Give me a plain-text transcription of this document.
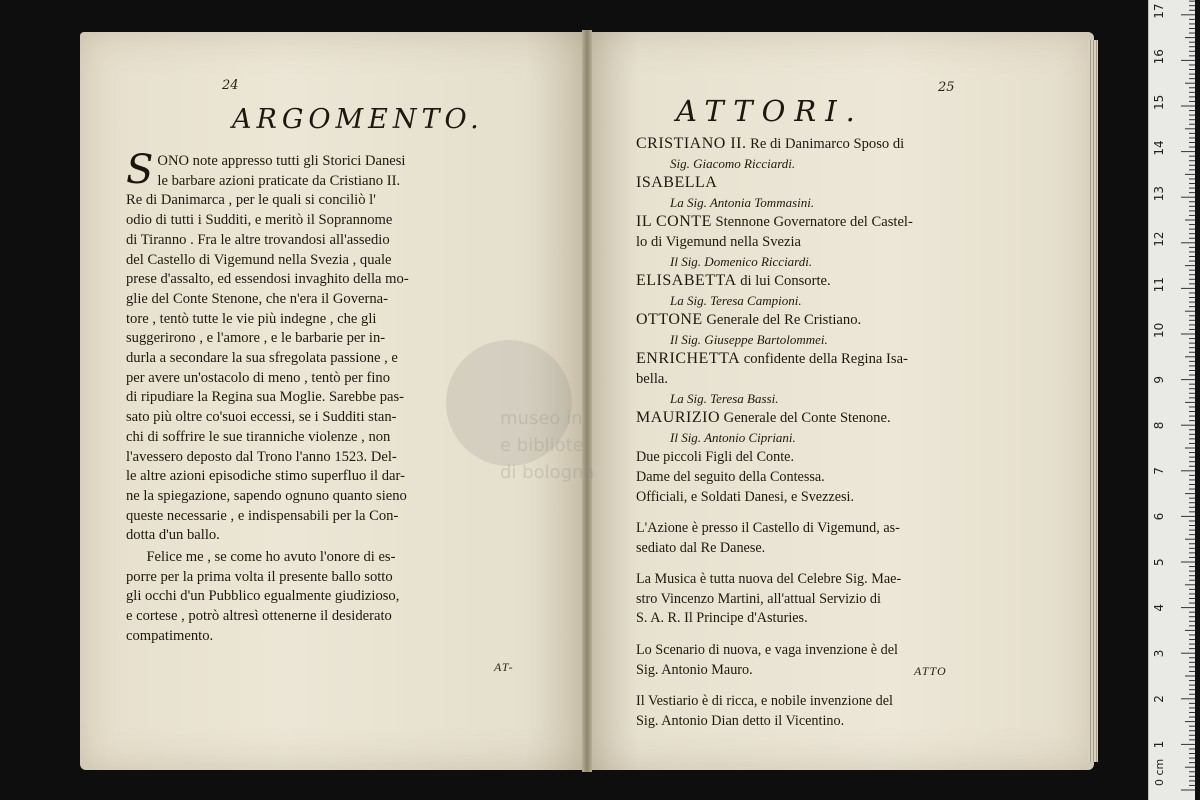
24
ARGOMENTO.

S ONO note appresso tutti gli Storici Danesi
le barbare azioni praticate da Cristiano II.
Re di Danimarca , per le quali si conciliò l'
odio di tutti i Sudditi, e meritò il Soprannome
di Tiranno . Fra le altre trovandosi all'assedio
del Castello di Vigemund nella Svezia , quale
prese d'assalto, ed essendosi invaghito della mo-
glie del Conte Stenone, che n'era il Governa-
tore , tentò tutte le vie più indegne , che gli
suggerirono , e l'amore , e le barbarie per in-
durla a secondare la sua sfregolata passione , e
per avere un'ostacolo di meno , tentò per fino
di ripudiare la Regina sua Moglie. Sarebbe pas-
sato più oltre co'suoi eccessi, se i Sudditi stan-
chi di soffrire le sue tiranniche violenze , non
l'avessero deposto dal Trono l'anno 1523. Del-
le altre azioni episodiche stimo superfluo il dar-
ne la spiegazione, sapendo ognuno quanto sieno
queste necessarie , e indispensabili per la Con-
dotta d'un ballo.

Felice me , se come ho avuto l'onore di es-
porre per la prima volta il presente ballo sotto
gli occhi d'un Pubblico egualmente giudizioso,
e cortese , potrò altresì ottenerne il desiderato
compatimento.

AT-
25
ATTORI.
CRISTIANO II. Re di Danimarco Sposo di
Sig. Giacomo Ricciardi.
ISABELLA
La Sig. Antonia Tommasini.
IL CONTE Stennone Governatore del Castel-
lo di Vigemund nella Svezia
Il Sig. Domenico Ricciardi.
ELISABETTA di lui Consorte.
La Sig. Teresa Campioni.
OTTONE Generale del Re Cristiano.
Il Sig. Giuseppe Bartolommei.
ENRICHETTA confidente della Regina Isa-
bella.
La Sig. Teresa Bassi.
MAURIZIO Generale del Conte Stenone.
Il Sig. Antonio Cipriani.
Due piccoli Figli del Conte.
Dame del seguito della Contessa.
Officiali, e Soldati Danesi, e Svezzesi.
L'Azione è presso il Castello di Vigemund, as-
sediato dal Re Danese.

La Musica è tutta nuova del Celebre Sig. Mae-
stro Vincenzo Martini, all'attual Servizio di
S. A. R. Il Principe d'Asturies.

Lo Scenario di nuova, e vaga invenzione è del
Sig. Antonio Mauro.

Il Vestiario è di ricca, e nobile invenzione del
Sig. Antonio Dian detto il Vicentino.

ATTO
museo in
e bibliote
di bologna
0 cm
1
2
3
4
5
6
7
8
9
10
11
12
13
14
15
16
17
